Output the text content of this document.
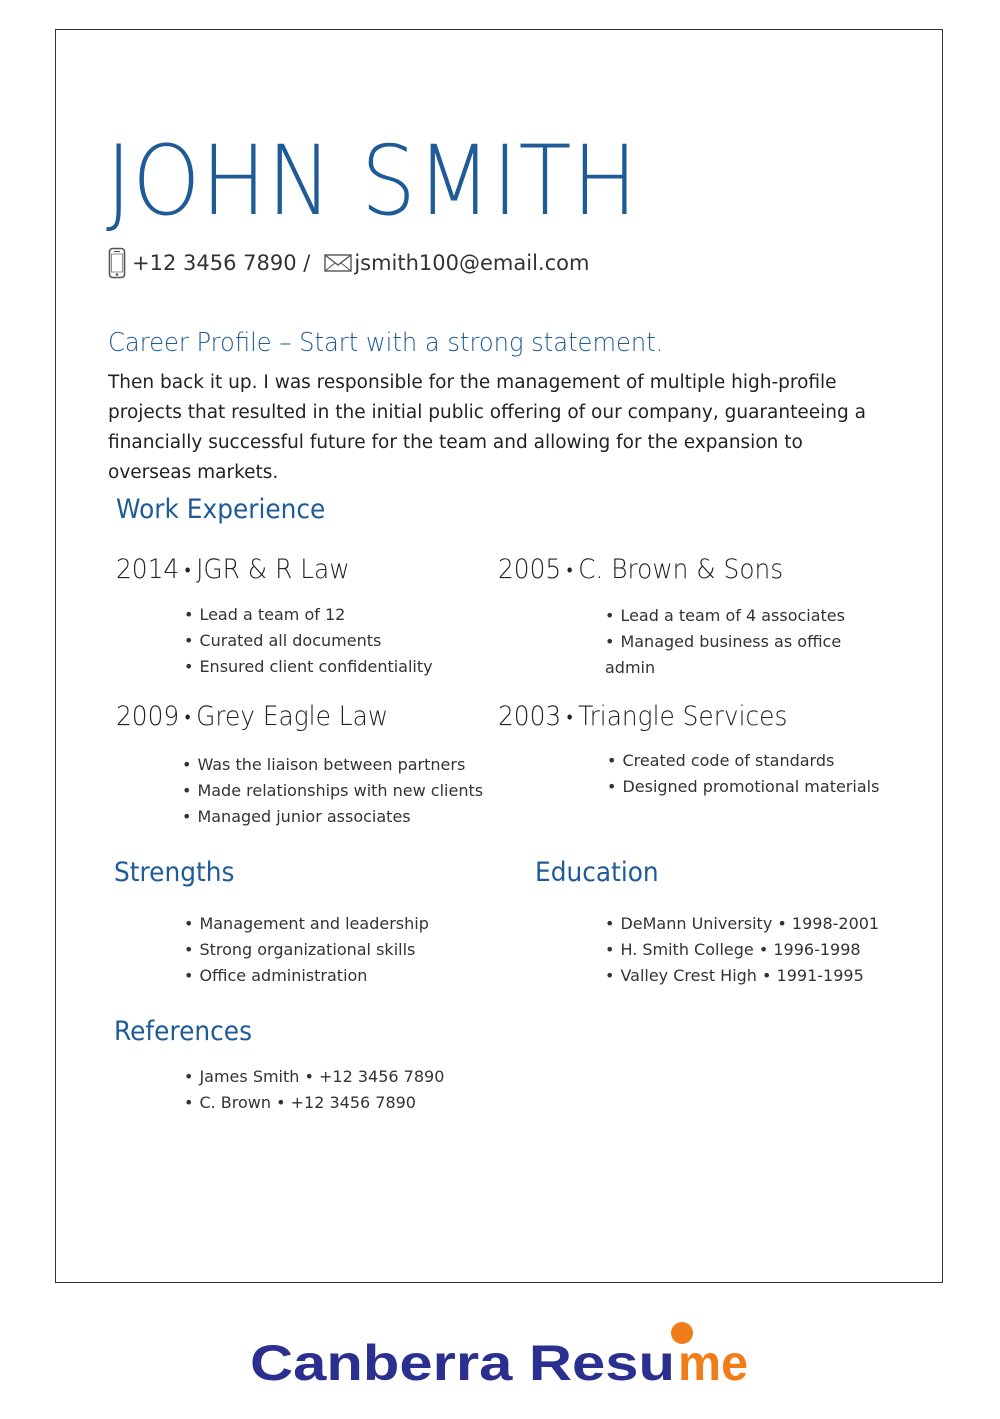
JOHN SMITH
+12 3456 7890 / jsmith100@email.com
Career Profile – Start with a strong statement.

Then back it up. I was responsible for the management of multiple high-profile projects that resulted in the initial public offering of our company, guaranteeing a financially successful future for the team and allowing for the expansion to overseas markets.

Work Experience
2014 • JGR & R Law
• Lead a team of 12
• Curated all documents
• Ensured client confidentiality
2005 • C. Brown & Sons
• Lead a team of 4 associates
• Managed business as office
admin
2009 • Grey Eagle Law
• Was the liaison between partners
• Made relationships with new clients
• Managed junior associates
2003 • Triangle Services
• Created code of standards
• Designed promotional materials
Strengths
• Management and leadership
• Strong organizational skills
• Office administration
Education
• DeMann University • 1998-2001
• H. Smith College • 1996-1998
• Valley Crest High • 1991-1995
References
• James Smith • +12 3456 7890
• C. Brown • +12 3456 7890
Canberra Resu me
